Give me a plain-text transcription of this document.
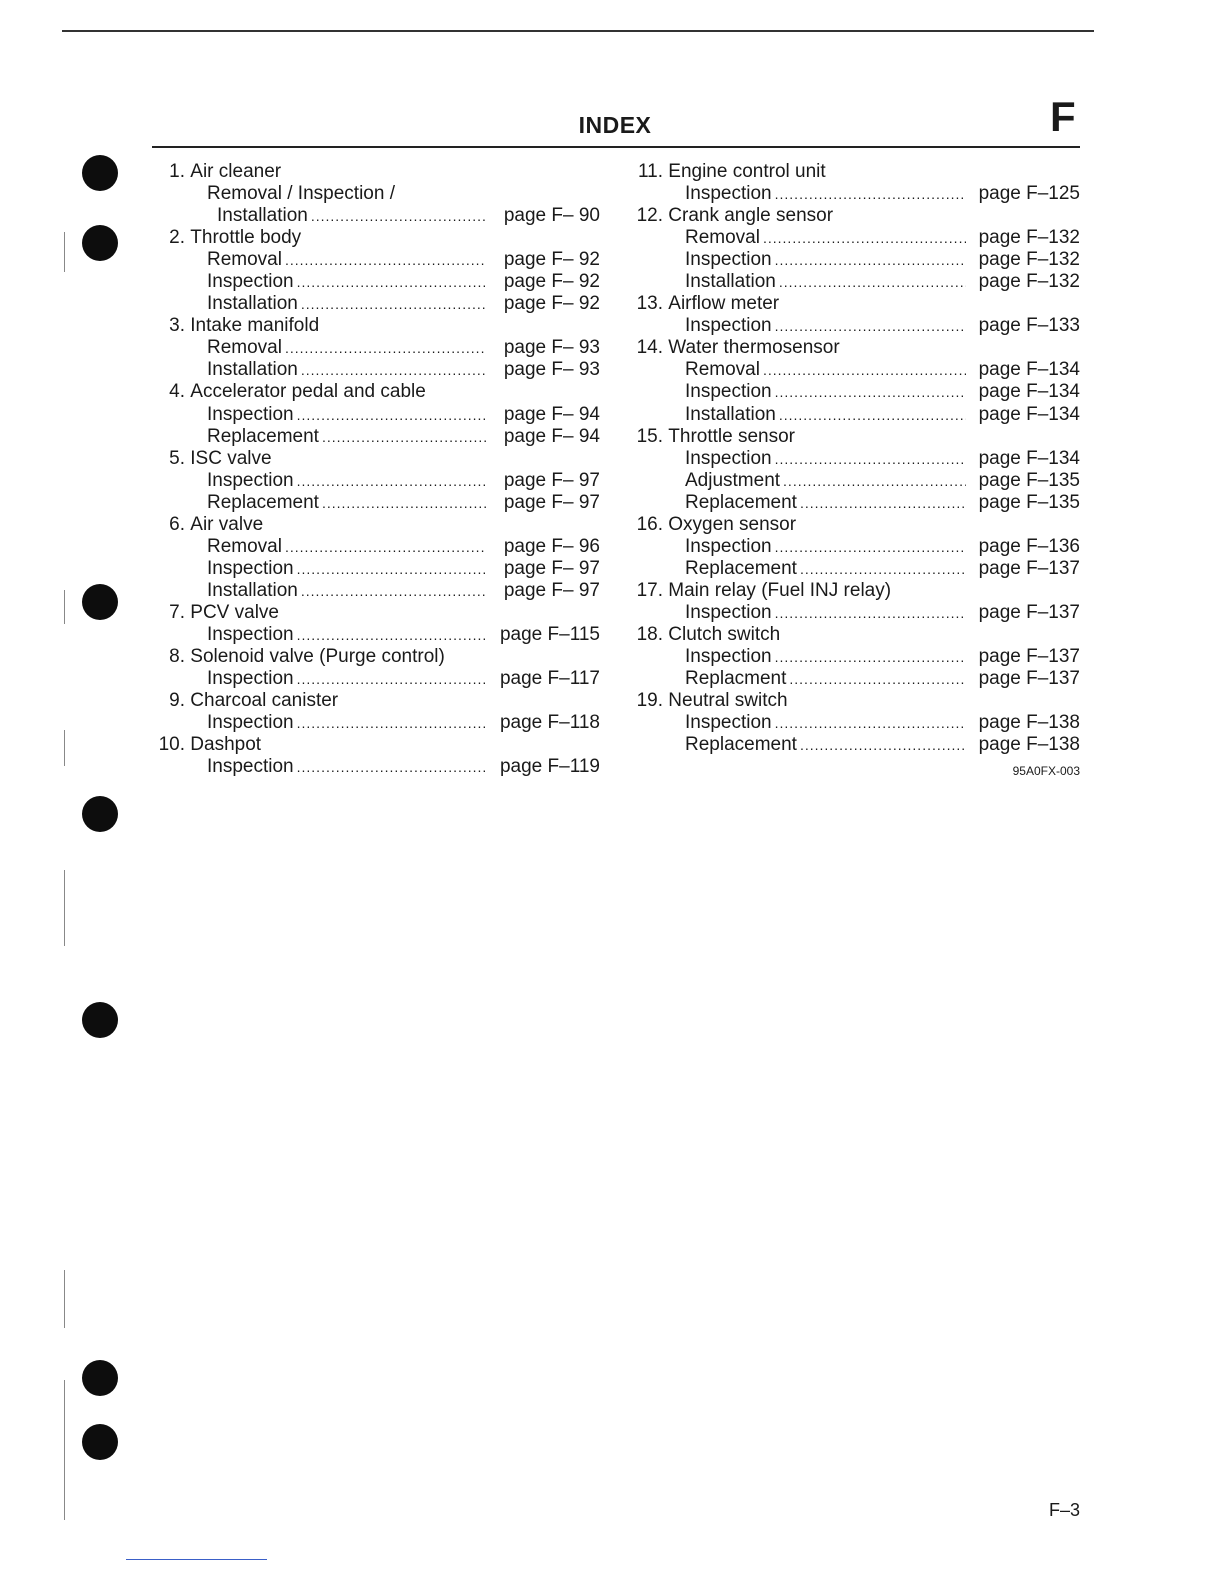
INDEX	F
1.
Air cleaner
Removal / Inspection /
Installation .....	page F– 90
2.
Throttle body
Removal .....	page F– 92
Inspection .....	page F– 92
Installation .....	page F– 92
3.
Intake manifold
Removal .....	page F– 93
Installation .....	page F– 93
4.
Accelerator pedal and cable
Inspection .....	page F– 94
Replacement .....	page F– 94
5.
ISC valve
Inspection .....	page F– 97
Replacement .....	page F– 97
6.
Air valve
Removal .....	page F– 96
Inspection .....	page F– 97
Installation .....	page F– 97
7.
PCV valve
Inspection .....	page F–115
8.
Solenoid valve (Purge control)
Inspection .....	page F–117
9.
Charcoal canister
Inspection .....	page F–118
10.
Dashpot
Inspection .....	page F–119
11.
Engine control unit
Inspection .....	page F–125
12.
Crank angle sensor
Removal .....	page F–132
Inspection .....	page F–132
Installation .....	page F–132
13.
Airflow meter
Inspection .....	page F–133
14.
Water thermosensor
Removal .....	page F–134
Inspection .....	page F–134
Installation .....	page F–134
15.
Throttle sensor
Inspection .....	page F–134
Adjustment .....	page F–135
Replacement .....	page F–135
16.
Oxygen sensor
Inspection .....	page F–136
Replacement .....	page F–137
17.
Main relay (Fuel INJ relay)
Inspection .....	page F–137
18.
Clutch switch
Inspection .....	page F–137
Replacment .....	page F–137
19.
Neutral switch
Inspection .....	page F–138
Replacement .....	page F–138
95A0FX-003
F–3
